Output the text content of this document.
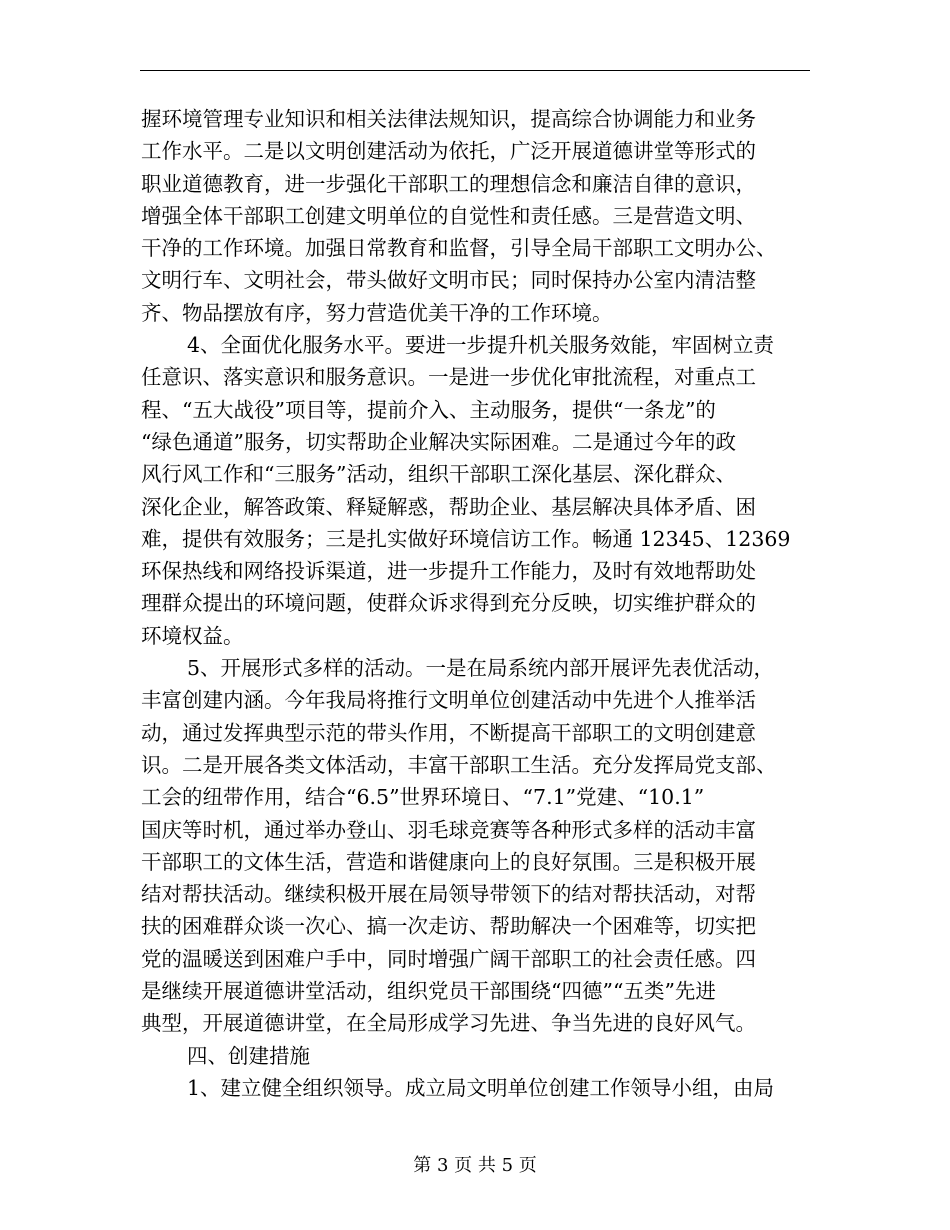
握环境管理专业知识和相关法律法规知识，提高综合协调能力和业务
工作水平。二是以文明创建活动为依托，广泛开展道德讲堂等形式的
职业道德教育，进一步强化干部职工的理想信念和廉洁自律的意识，
增强全体干部职工创建文明单位的自觉性和责任感。三是营造文明、
干净的工作环境。加强日常教育和监督，引导全局干部职工文明办公、
文明行车、文明社会，带头做好文明市民；同时保持办公室内清洁整
齐、物品摆放有序，努力营造优美干净的工作环境。
4、全面优化服务水平。要进一步提升机关服务效能，牢固树立责
任意识、落实意识和服务意识。一是进一步优化审批流程，对重点工
程、“五大战役”项目等，提前介入、主动服务，提供“一条龙”的
“绿色通道”服务，切实帮助企业解决实际困难。二是通过今年的政
风行风工作和“三服务”活动，组织干部职工深化基层、深化群众、
深化企业，解答政策、释疑解惑，帮助企业、基层解决具体矛盾、困
难，提供有效服务；三是扎实做好环境信访工作。畅通 12345、12369
环保热线和网络投诉渠道，进一步提升工作能力，及时有效地帮助处
理群众提出的环境问题，使群众诉求得到充分反映，切实维护群众的
环境权益。
5、开展形式多样的活动。一是在局系统内部开展评先表优活动，
丰富创建内涵。今年我局将推行文明单位创建活动中先进个人推举活
动，通过发挥典型示范的带头作用，不断提高干部职工的文明创建意
识。二是开展各类文体活动，丰富干部职工生活。充分发挥局党支部、
工会的纽带作用，结合“6.5”世界环境日、“7.1”党建、“10.1”
国庆等时机，通过举办登山、羽毛球竞赛等各种形式多样的活动丰富
干部职工的文体生活，营造和谐健康向上的良好氛围。三是积极开展
结对帮扶活动。继续积极开展在局领导带领下的结对帮扶活动，对帮
扶的困难群众谈一次心、搞一次走访、帮助解决一个困难等，切实把
党的温暖送到困难户手中，同时增强广阔干部职工的社会责任感。四
是继续开展道德讲堂活动，组织党员干部围绕“四德”“五类”先进
典型，开展道德讲堂，在全局形成学习先进、争当先进的良好风气。
四、创建措施
1、建立健全组织领导。成立局文明单位创建工作领导小组，由局
第 3 页 共 5 页
